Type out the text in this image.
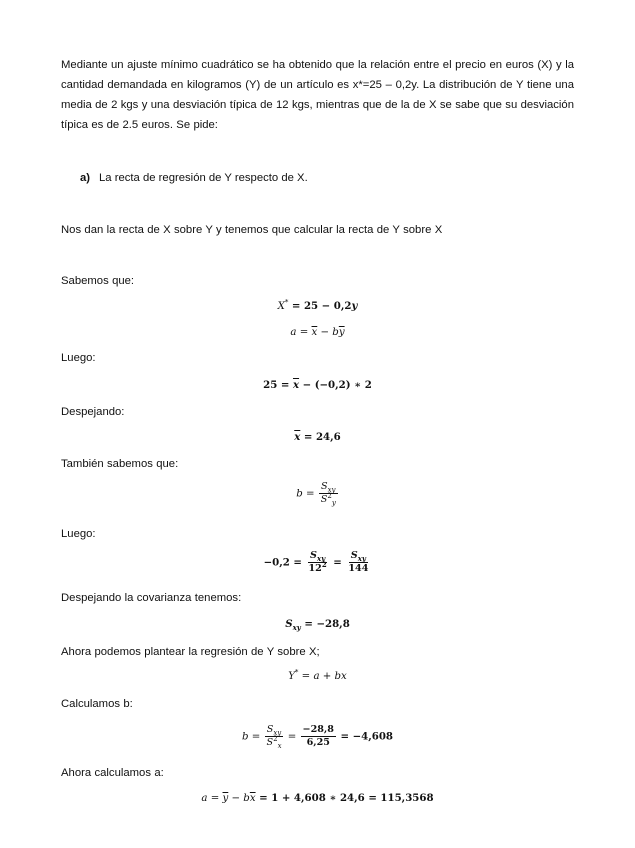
Mediante un ajuste mínimo cuadrático se ha obtenido que la relación entre el precio en euros (X) y la cantidad demandada en kilogramos (Y) de un artículo es x*=25 – 0,2y. La distribución de Y tiene una media de 2 kgs y una desviación típica de 12 kgs, mientras que de la de X se sabe que su desviación típica es de 2.5 euros. Se pide:

a) La recta de regresión de Y respecto de X.

Nos dan la recta de X sobre Y y tenemos que calcular la recta de Y sobre X

Sabemos que:

X* = 25 − 0,2y
$a = \overline{x} - b\overline{y}$

Luego:

$25 = \overline{x} - (-0,2)$ ∗ 2

Despejando:

$\overline{x} = 24,6$

También sabemos que:

$b = \frac{S_{xy}}{S^2_y}$

Luego:

$-0,2 = \frac{S_{xy}}{12^2} = \frac{S_{xy}}{144}$

Despejando la covarianza tenemos:

$S_{xy} = -28,8$

Ahora podemos plantear la regresión de Y sobre X;

Y* = a + bx

Calculamos b:

$b = \frac{S_{xy}}{S^2_x} = \frac{-28,8}{6,25} = -4,608$

Ahora calculamos a:

$a = \overline{y} - b\overline{x} = 1 + 4,608$ ∗ 24,6 = 115,3568
